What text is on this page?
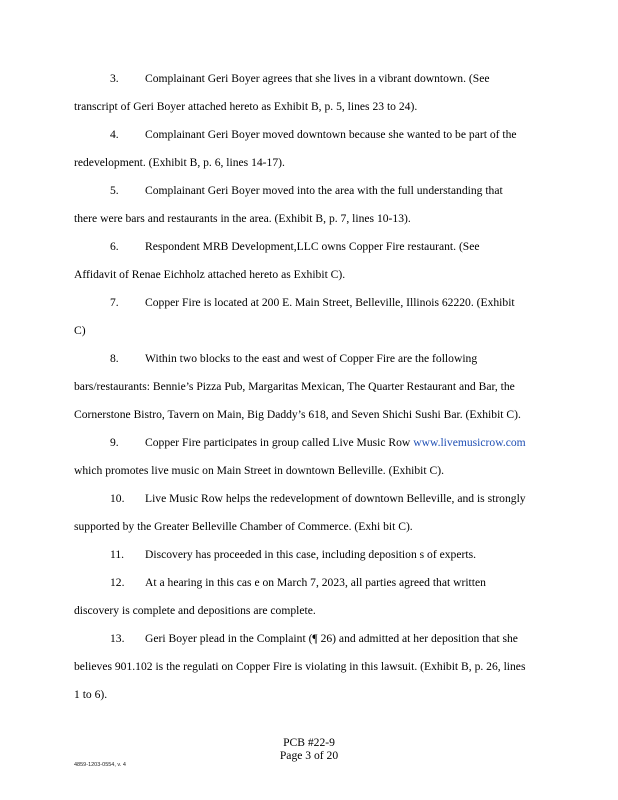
3. Complainant Geri Boyer agrees that she lives in a vibrant downtown. (See
transcript of Geri Boyer attached hereto as Exhibit B, p. 5, lines 23 to 24).
4. Complainant Geri Boyer moved downtown because she wanted to be part of the
redevelopment. (Exhibit B, p. 6, lines 14-17).
5. Complainant Geri Boyer moved into the area with the full understanding that
there were bars and restaurants in the area. (Exhibit B, p. 7, lines 10-13).
6. Respondent MRB Development,LLC owns Copper Fire restaurant. (See
Affidavit of Renae Eichholz attached hereto as Exhibit C).
7. Copper Fire is located at 200 E. Main Street, Belleville, Illinois 62220. (Exhibit
C)
8. Within two blocks to the east and west of Copper Fire are the following
bars/restaurants: Bennie’s Pizza Pub, Margaritas Mexican, The Quarter Restaurant and Bar, the
Cornerstone Bistro, Tavern on Main, Big Daddy’s 618, and Seven Shichi Sushi Bar. (Exhibit C).
9. Copper Fire participates in group called Live Music Row www.livemusicrow.com
which promotes live music on Main Street in downtown Belleville. (Exhibit C).
10. Live Music Row helps the redevelopment of downtown Belleville, and is strongly
supported by the Greater Belleville Chamber of Commerce. (Exhi bit C).
11. Discovery has proceeded in this case, including deposition s of experts.
12. At a hearing in this cas e on March 7, 2023, all parties agreed that written
discovery is complete and depositions are complete.
13. Geri Boyer plead in the Complaint (¶ 26) and admitted at her deposition that she
believes 901.102 is the regulati on Copper Fire is violating in this lawsuit. (Exhibit B, p. 26, lines
1 to 6).
PCB #22-9
Page 3 of 20
4859-1203-0554, v. 4
